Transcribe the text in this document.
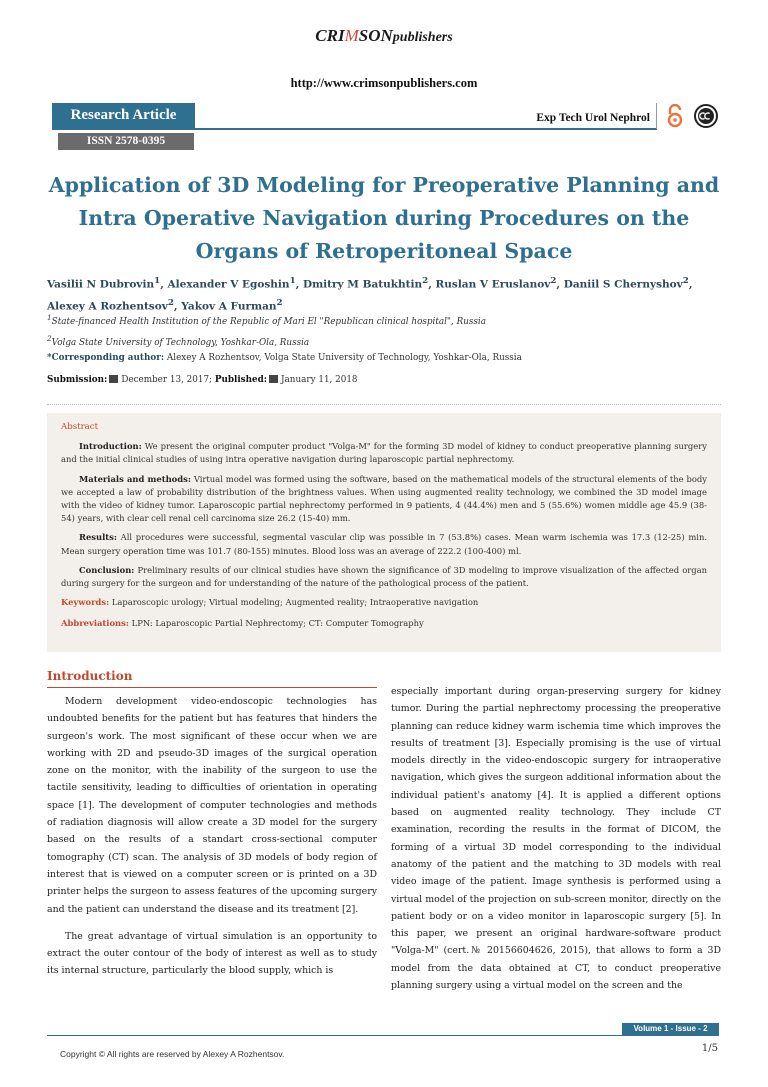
CRIMSONpublishers
http://www.crimsonpublishers.com
Research Article
ISSN 2578-0395
Exp Tech Urol Nephrol
Application of 3D Modeling for Preoperative Planning and Intra Operative Navigation during Procedures on the Organs of Retroperitoneal Space
Vasilii N Dubrovin$^1$, Alexander V Egoshin$^1$, Dmitry M Batukhtin$^2$, Ruslan V Eruslanov$^2$, Daniil S Chernyshov$^2$,
Alexey A Rozhentsov$^2$, Yakov A Furman$^2$
$^1$State-financed Health Institution of the Republic of Mari El "Republican clinical hospital", Russia
$^2$Volga State University of Technology, Yoshkar-Ola, Russia
*Corresponding author: Alexey A Rozhentsov, Volga State University of Technology, Yoshkar-Ola, Russia
Submission: December 13, 2017; Published: January 11, 2018
Abstract

Introduction: We present the original computer product "Volga-M" for the forming 3D model of kidney to conduct preoperative planning surgery and the initial clinical studies of using intra operative navigation during laparoscopic partial nephrectomy.

Materials and methods: Virtual model was formed using the software, based on the mathematical models of the structural elements of the body we accepted a law of probability distribution of the brightness values. When using augmented reality technology, we combined the 3D model image with the video of kidney tumor. Laparoscopic partial nephrectomy performed in 9 patients, 4 (44.4%) men and 5 (55.6%) women middle age 45.9 (38-54) years, with clear cell renal cell carcinoma size 26.2 (15-40) mm.

Results: All procedures were successful, segmental vascular clip was possible in 7 (53.8%) cases. Mean warm ischemia was 17.3 (12-25) min. Mean surgery operation time was 101.7 (80-155) minutes. Blood loss was an average of 222.2 (100-400) ml.

Conclusion: Preliminary results of our clinical studies have shown the significance of 3D modeling to improve visualization of the affected organ during surgery for the surgeon and for understanding of the nature of the pathological process of the patient.

Keywords: Laparoscopic urology; Virtual modeling; Augmented reality; Intraoperative navigation

Abbreviations: LPN: Laparoscopic Partial Nephrectomy; CT: Computer Tomography

Introduction

Modern development video-endoscopic technologies has undoubted benefits for the patient but has features that hinders the surgeon's work. The most significant of these occur when we are working with 2D and pseudo-3D images of the surgical operation zone on the monitor, with the inability of the surgeon to use the tactile sensitivity, leading to difficulties of orientation in operating space [1]. The development of computer technologies and methods of radiation diagnosis will allow create a 3D model for the surgery based on the results of a standart cross-sectional computer tomography (CT) scan. The analysis of 3D models of body region of interest that is viewed on a computer screen or is printed on a 3D printer helps the surgeon to assess features of the upcoming surgery and the patient can understand the disease and its treatment [2].

The great advantage of virtual simulation is an opportunity to extract the outer contour of the body of interest as well as to study its internal structure, particularly the blood supply, which is

especially important during organ-preserving surgery for kidney tumor. During the partial nephrectomy processing the preoperative planning can reduce kidney warm ischemia time which improves the results of treatment [3]. Especially promising is the use of virtual models directly in the video-endoscopic surgery for intraoperative navigation, which gives the surgeon additional information about the individual patient's anatomy [4]. It is applied a different options based on augmented reality technology. They include CT examination, recording the results in the format of DICOM, the forming of a virtual 3D model corresponding to the individual anatomy of the patient and the matching to 3D models with real video image of the patient. Image synthesis is performed using a virtual model of the projection on sub-screen monitor, directly on the patient body or on a video monitor in laparoscopic surgery [5]. In this paper, we present an original hardware-software product "Volga-M" (cert.№ 20156604626, 2015), that allows to form a 3D model from the data obtained at CT, to conduct preoperative planning surgery using a virtual model on the screen and the

Volume 1 - Issue - 2
Copyright © All rights are reserved by Alexey A Rozhentsov.	1/5
